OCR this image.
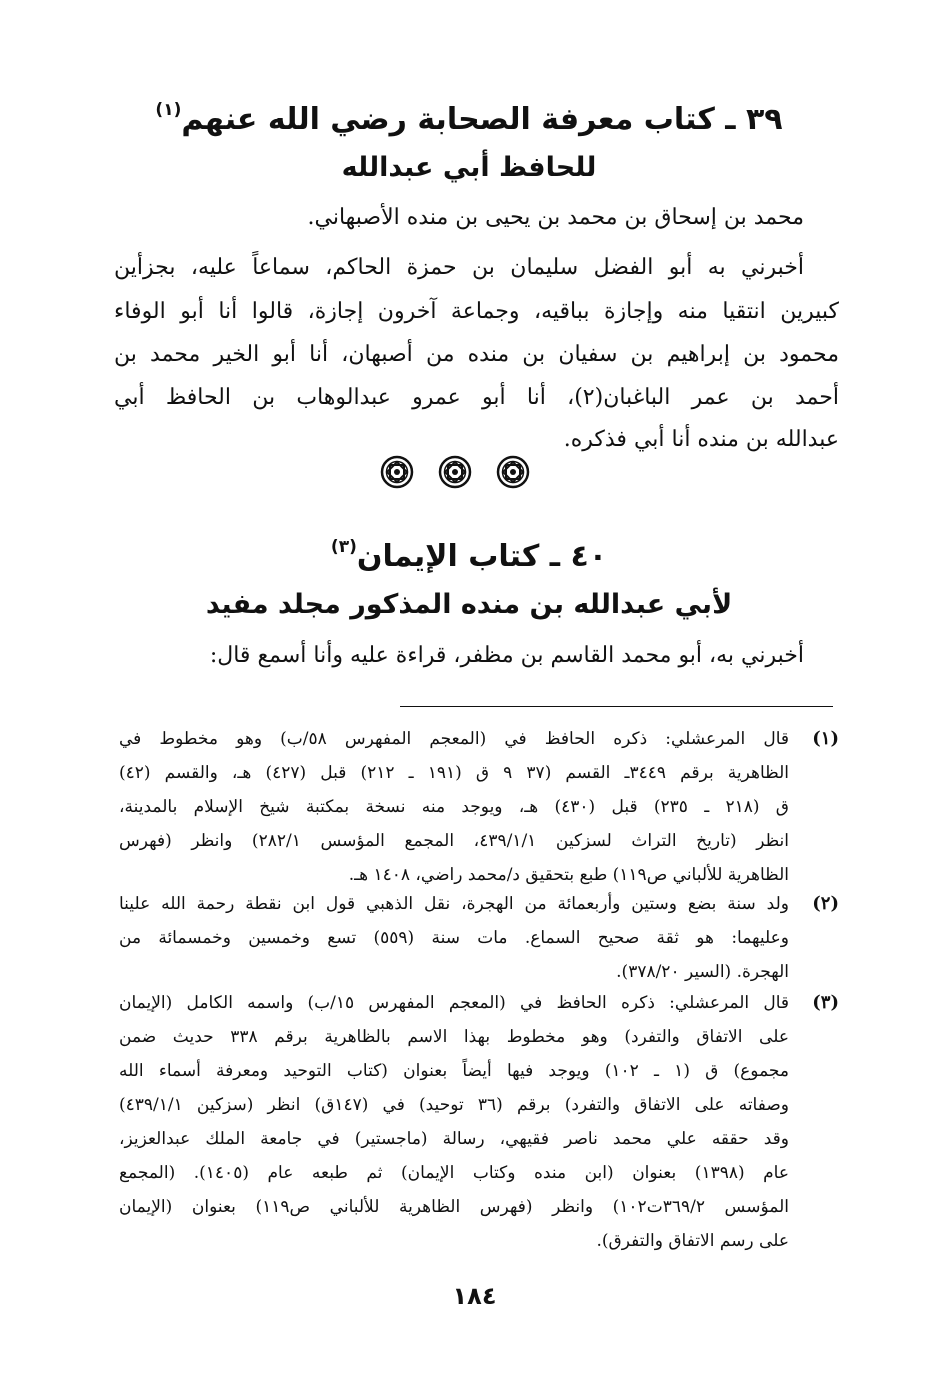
٣٩ ـ كتاب معرفة الصحابة رضي الله عنهم$^{(١)}$
للحافظ أبي عبدالله

محمد بن إسحاق بن محمد بن يحيى بن منده الأصبهاني.

أخبرني به أبو الفضل سليمان بن حمزة الحاكم، سماعاً عليه، بجزأين

كبيرين انتقيا منه وإجازة بباقيه، وجماعة آخرون إجازة، قالوا أنا أبو الوفاء

محمود بن إبراهيم بن سفيان بن منده من أصبهان، أنا أبو الخير محمد بن

أحمد بن عمر الباغبان(٢)، أنا أبو عمرو عبدالوهاب بن الحافظ أبي

عبدالله بن منده أنا أبي فذكره.

٤٠ ـ كتاب الإيمان$^{(٣)}$
لأبي عبدالله بن منده المذكور مجلد مفيد

أخبرني به، أبو محمد القاسم بن مظفر، قراءة عليه وأنا أسمع قال:

(١)

قال المرعشلي: ذكره الحافظ في (المعجم المفهرس ٥٨/ب) وهو مخطوط في

الظاهرية برقم ٣٤٤٩ـ القسم (٣٧ ٩ ق (١٩١ ـ ٢١٢) قبل (٤٢٧) هـ، والقسم (٤٢)

ق (٢١٨ ـ ٢٣٥) قبل (٤٣٠) هـ، ويوجد منه نسخة بمكتبة شيخ الإسلام بالمدينة،

انظر (تاريخ التراث لسزكين ٤٣٩/١/١، المجمع المؤسس ٢٨٢/١) وانظر (فهرس

الظاهرية للألباني ص١١٩) طبع بتحقيق د/محمد راضي، ١٤٠٨ هـ.

(٢)

ولد سنة بضع وستين وأربعمائة من الهجرة، نقل الذهبي قول ابن نقطة رحمة الله علينا

وعليهما: هو ثقة صحيح السماع. مات سنة (٥٥٩) تسع وخمسين وخمسمائة من

الهجرة. (السير ٣٧٨/٢٠).

(٣)

قال المرعشلي: ذكره الحافظ في (المعجم المفهرس ١٥/ب) واسمه الكامل (الإيمان

على الاتفاق والتفرد) وهو مخطوط بهذا الاسم بالظاهرية برقم ٣٣٨ حديث ضمن

مجموع) ق (١ ـ ١٠٢) ويوجد فيها أيضاً بعنوان (كتاب التوحيد ومعرفة أسماء الله

وصفاته على الاتفاق والتفرد) برقم (٣٦ توحيد) في (١٤٧ق) انظر (سزكين ٤٣٩/١/١)

وقد حققه علي محمد ناصر فقيهي، رسالة (ماجستير) في جامعة الملك عبدالعزيز،

عام (١٣٩٨) بعنوان (ابن منده وكتاب الإيمان) ثم طبعه عام (١٤٠٥). (المجمع

المؤسس ٣٦٩/٢ت١٠٢) وانظر (فهرس الظاهرية للألباني ص١١٩) بعنوان (الإيمان

على رسم الاتفاق والتفرق).

١٨٤
